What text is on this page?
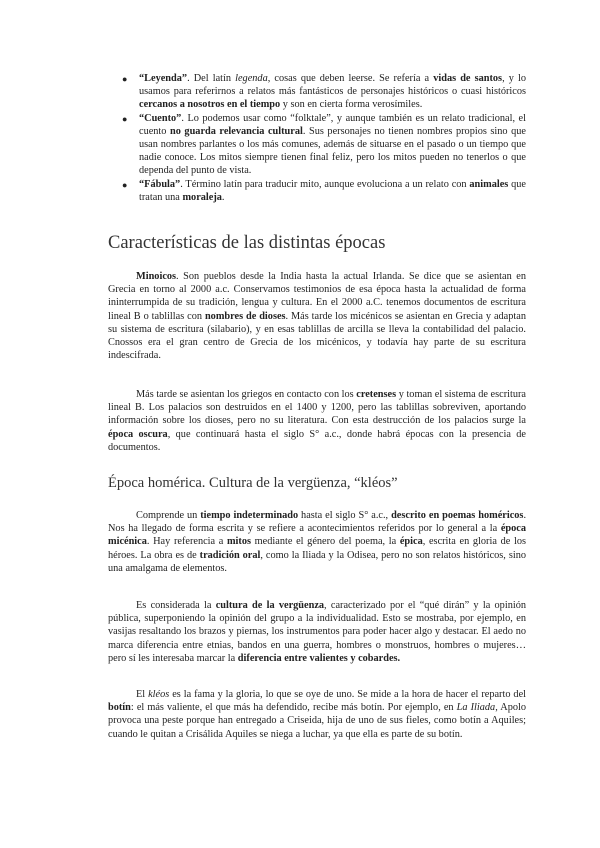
● “Leyenda”. Del latín legenda, cosas que deben leerse. Se refería a vidas de santos, y lo usamos para referirnos a relatos más fantásticos de personajes históricos o cuasi históricos cercanos a nosotros en el tiempo y son en cierta forma verosímiles.
● “Cuento”. Lo podemos usar como “folktale”, y aunque también es un relato tradicional, el cuento no guarda relevancia cultural. Sus personajes no tienen nombres propios sino que usan nombres parlantes o los más comunes, además de situarse en el pasado o un tiempo que nadie conoce. Los mitos siempre tienen final feliz, pero los mitos pueden no tenerlos o que dependa del punto de vista.
● “Fábula”. Término latín para traducir mito, aunque evoluciona a un relato con animales que tratan una moraleja.
Características de las distintas épocas

Minoicos. Son pueblos desde la India hasta la actual Irlanda. Se dice que se asientan en Grecia en torno al 2000 a.c. Conservamos testimonios de esa época hasta la actualidad de forma ininterrumpida de su tradición, lengua y cultura. En el 2000 a.C. tenemos documentos de escritura lineal B o tablillas con nombres de dioses. Más tarde los micénicos se asientan en Grecia y adaptan su sistema de escritura (silabario), y en esas tablillas de arcilla se lleva la contabilidad del palacio. Cnossos era el gran centro de Grecia de los micénicos, y todavía hay parte de su escritura indescifrada.

Más tarde se asientan los griegos en contacto con los cretenses y toman el sistema de escritura lineal B. Los palacios son destruidos en el 1400 y 1200, pero las tablillas sobreviven, aportando información sobre los dioses, pero no su literatura. Con esta destrucción de los palacios surge la época oscura, que continuará hasta el siglo S° a.c., donde habrá épocas con la presencia de documentos.

Época homérica. Cultura de la vergüenza, “kléos”

Comprende un tiempo indeterminado hasta el siglo S° a.c., descrito en poemas homéricos. Nos ha llegado de forma escrita y se refiere a acontecimientos referidos por lo general a la época micénica. Hay referencia a mitos mediante el género del poema, la épica, escrita en gloria de los héroes. La obra es de tradición oral, como la Iliada y la Odisea, pero no son relatos históricos, sino una amalgama de elementos.

Es considerada la cultura de la vergüenza, caracterizado por el “qué dirán” y la opinión pública, superponiendo la opinión del grupo a la individualidad. Esto se mostraba, por ejemplo, en vasijas resaltando los brazos y piernas, los instrumentos para poder hacer algo y destacar. El aedo no marca diferencia entre etnias, bandos en una guerra, hombres o monstruos, hombres o mujeres… pero sí les interesaba marcar la diferencia entre valientes y cobardes.

El kléos es la fama y la gloria, lo que se oye de uno. Se mide a la hora de hacer el reparto del botín: el más valiente, el que más ha defendido, recibe más botín. Por ejemplo, en La Iliada, Apolo provoca una peste porque han entregado a Criseida, hija de uno de sus fieles, como botín a Aquiles; cuando le quitan a Crisálida Aquiles se niega a luchar, ya que ella es parte de su botín.
